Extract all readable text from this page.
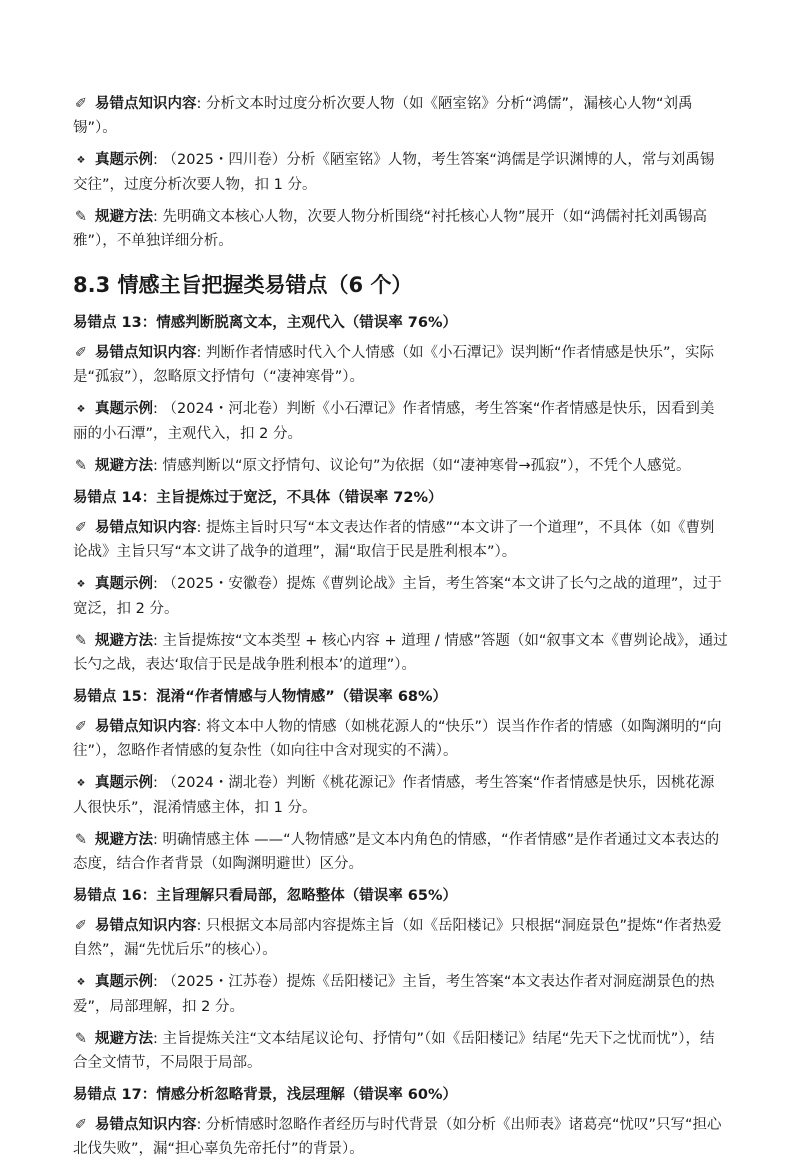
✐ 易错点知识内容: 分析文本时过度分析次要人物（如《陋室铭》分析“鸿儒”，漏核心人物“刘禹锡”）。

❖ 真题示例: （2025・四川卷）分析《陋室铭》人物，考生答案“鸿儒是学识渊博的人，常与刘禹锡交往”，过度分析次要人物，扣 1 分。

✎ 规避方法: 先明确文本核心人物，次要人物分析围绕“衬托核心人物”展开（如“鸿儒衬托刘禹锡高雅”），不单独详细分析。

8.3 情感主旨把握类易错点（6 个）

易错点 13：情感判断脱离文本，主观代入（错误率 76%）

✐ 易错点知识内容: 判断作者情感时代入个人情感（如《小石潭记》误判断“作者情感是快乐”，实际是“孤寂”），忽略原文抒情句（“凄神寒骨”）。

❖ 真题示例: （2024・河北卷）判断《小石潭记》作者情感，考生答案“作者情感是快乐，因看到美丽的小石潭”，主观代入，扣 2 分。

✎ 规避方法: 情感判断以“原文抒情句、议论句”为依据（如“凄神寒骨→孤寂”），不凭个人感觉。

易错点 14：主旨提炼过于宽泛，不具体（错误率 72%）

✐ 易错点知识内容: 提炼主旨时只写“本文表达作者的情感”“本文讲了一个道理”，不具体（如《曹刿论战》主旨只写“本文讲了战争的道理”，漏“取信于民是胜利根本”）。

❖ 真题示例: （2025・安徽卷）提炼《曹刿论战》主旨，考生答案“本文讲了长勺之战的道理”，过于宽泛，扣 2 分。

✎ 规避方法: 主旨提炼按“文本类型 + 核心内容 + 道理 / 情感”答题（如“叙事文本《曹刿论战》，通过长勺之战，表达‘取信于民是战争胜利根本’的道理”）。

易错点 15：混淆“作者情感与人物情感”（错误率 68%）

✐ 易错点知识内容: 将文本中人物的情感（如桃花源人的“快乐”）误当作作者的情感（如陶渊明的“向往”），忽略作者情感的复杂性（如向往中含对现实的不满）。

❖ 真题示例: （2024・湖北卷）判断《桃花源记》作者情感，考生答案“作者情感是快乐，因桃花源人很快乐”，混淆情感主体，扣 1 分。

✎ 规避方法: 明确情感主体 ——“人物情感”是文本内角色的情感，“作者情感”是作者通过文本表达的态度，结合作者背景（如陶渊明避世）区分。

易错点 16：主旨理解只看局部，忽略整体（错误率 65%）

✐ 易错点知识内容: 只根据文本局部内容提炼主旨（如《岳阳楼记》只根据“洞庭景色”提炼“作者热爱自然”，漏“先忧后乐”的核心）。

❖ 真题示例: （2025・江苏卷）提炼《岳阳楼记》主旨，考生答案“本文表达作者对洞庭湖景色的热爱”，局部理解，扣 2 分。

✎ 规避方法: 主旨提炼关注“文本结尾议论句、抒情句”（如《岳阳楼记》结尾“先天下之忧而忧”），结合全文情节，不局限于局部。

易错点 17：情感分析忽略背景，浅层理解（错误率 60%）

✐ 易错点知识内容: 分析情感时忽略作者经历与时代背景（如分析《出师表》诸葛亮“忧叹”只写“担心北伐失败”，漏“担心辜负先帝托付”的背景）。
